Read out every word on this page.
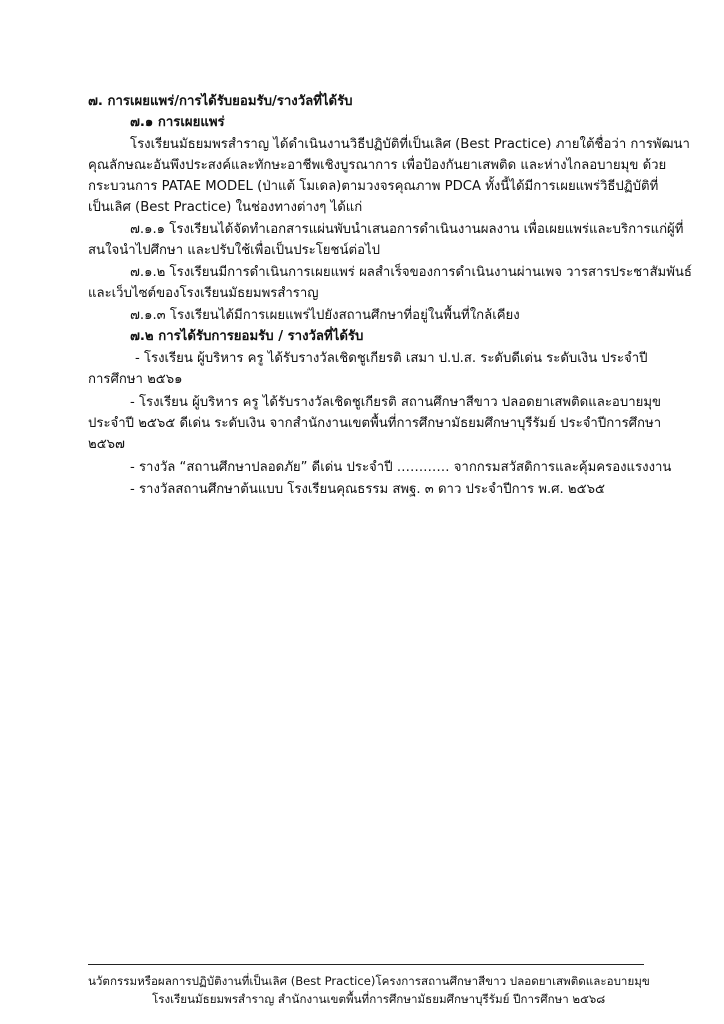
๗. การเผยแพร่/การได้รับยอมรับ/รางวัลที่ได้รับ

๗.๑ การเผยแพร่

โรงเรียนมัธยมพรสำราญ ได้ดำเนินงานวิธีปฏิบัติที่เป็นเลิศ (Best Practice) ภายใต้ชื่อว่า การพัฒนา

คุณลักษณะอันพึงประสงค์และทักษะอาชีพเชิงบูรณาการ เพื่อป้องกันยาเสพติด และห่างไกลอบายมุข ด้วย

กระบวนการ PATAE MODEL (ป่าแต้ โมเดล)ตามวงจรคุณภาพ PDCA ทั้งนี้ได้มีการเผยแพร่วิธีปฏิบัติที่

เป็นเลิศ (Best Practice) ในช่องทางต่างๆ ได้แก่

๗.๑.๑ โรงเรียนได้จัดทำเอกสารแผ่นพับนำเสนอการดำเนินงานผลงาน เพื่อเผยแพร่และบริการแก่ผู้ที่

สนใจนำไปศึกษา และปรับใช้เพื่อเป็นประโยชน์ต่อไป

๗.๑.๒ โรงเรียนมีการดำเนินการเผยแพร่ ผลสำเร็จของการดำเนินงานผ่านเพจ วารสารประชาสัมพันธ์

และเว็บไซต์ของโรงเรียนมัธยมพรสำราญ

๗.๑.๓ โรงเรียนได้มีการเผยแพร่ไปยังสถานศึกษาที่อยู่ในพื้นที่ใกล้เคียง

๗.๒ การได้รับการยอมรับ / รางวัลที่ได้รับ

- โรงเรียน ผู้บริหาร ครู ได้รับรางวัลเชิดชูเกียรติ เสมา ป.ป.ส. ระดับดีเด่น ระดับเงิน ประจำปี

การศึกษา ๒๕๖๑

- โรงเรียน ผู้บริหาร ครู ได้รับรางวัลเชิดชูเกียรติ สถานศึกษาสีขาว ปลอดยาเสพติดและอบายมุข

ประจำปี ๒๕๖๕ ดีเด่น ระดับเงิน จากสำนักงานเขตพื้นที่การศึกษามัธยมศึกษาบุรีรัมย์ ประจำปีการศึกษา

๒๕๖๗

- รางวัล “สถานศึกษาปลอดภัย” ดีเด่น ประจำปี ………… จากกรมสวัสดิการและคุ้มครองแรงงาน

- รางวัลสถานศึกษาต้นแบบ โรงเรียนคุณธรรม สพฐ. ๓ ดาว ประจำปีการ พ.ศ. ๒๕๖๕

นวัตกรรมหรือผลการปฏิบัติงานที่เป็นเลิศ (Best Practice)โครงการสถานศึกษาสีขาว ปลอดยาเสพติดและอบายมุข

โรงเรียนมัธยมพรสำราญ สำนักงานเขตพื้นที่การศึกษามัธยมศึกษาบุรีรัมย์ ปีการศึกษา ๒๕๖๘
